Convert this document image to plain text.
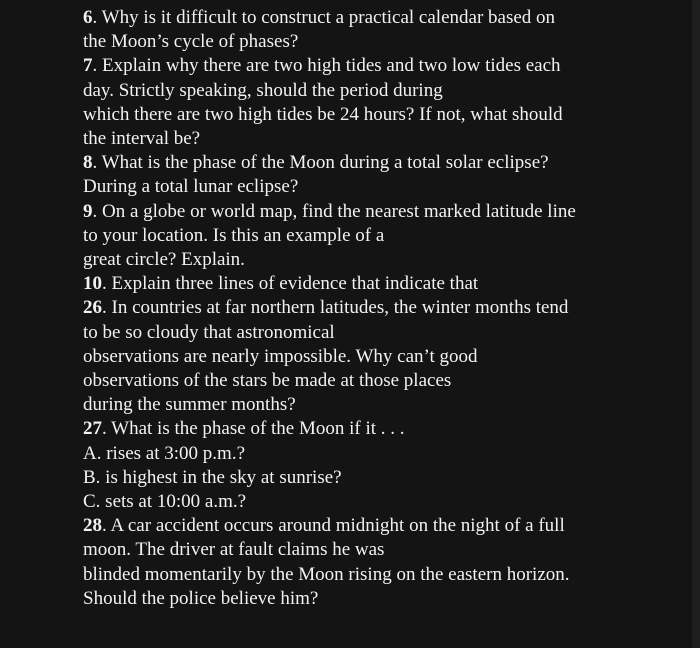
6. Why is it difficult to construct a practical calendar based on
the Moon’s cycle of phases?
7. Explain why there are two high tides and two low tides each
day. Strictly speaking, should the period during
which there are two high tides be 24 hours? If not, what should
the interval be?
8. What is the phase of the Moon during a total solar eclipse?
During a total lunar eclipse?
9. On a globe or world map, find the nearest marked latitude line
to your location. Is this an example of a
great circle? Explain.
10. Explain three lines of evidence that indicate that
26. In countries at far northern latitudes, the winter months tend
to be so cloudy that astronomical
observations are nearly impossible. Why can’t good
observations of the stars be made at those places
during the summer months?
27. What is the phase of the Moon if it . . .
A. rises at 3:00 p.m.?
B. is highest in the sky at sunrise?
C. sets at 10:00 a.m.?
28. A car accident occurs around midnight on the night of a full
moon. The driver at fault claims he was
blinded momentarily by the Moon rising on the eastern horizon.
Should the police believe him?
